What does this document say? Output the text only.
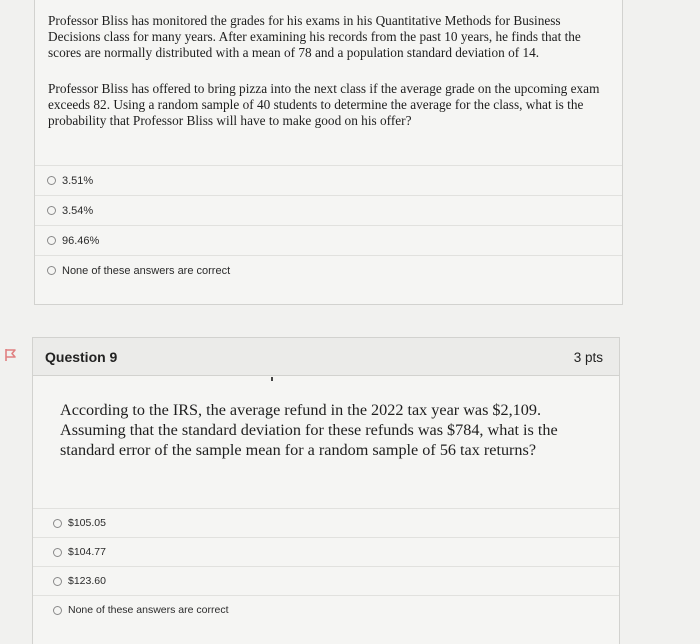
Professor Bliss has monitored the grades for his exams in his Quantitative Methods for Business Decisions class for many years. After examining his records from the past 10 years, he finds that the scores are normally distributed with a mean of 78 and a population standard deviation of 14.
Professor Bliss has offered to bring pizza into the next class if the average grade on the upcoming exam exceeds 82. Using a random sample of 40 students to determine the average for the class, what is the probability that Professor Bliss will have to make good on his offer?
3.51%
3.54%
96.46%
None of these answers are correct
Question 9	3 pts
According to the IRS, the average refund in the 2022 tax year was $2,109. Assuming that the standard deviation for these refunds was $784, what is the standard error of the sample mean for a random sample of 56 tax returns?
$105.05
$104.77
$123.60
None of these answers are correct
